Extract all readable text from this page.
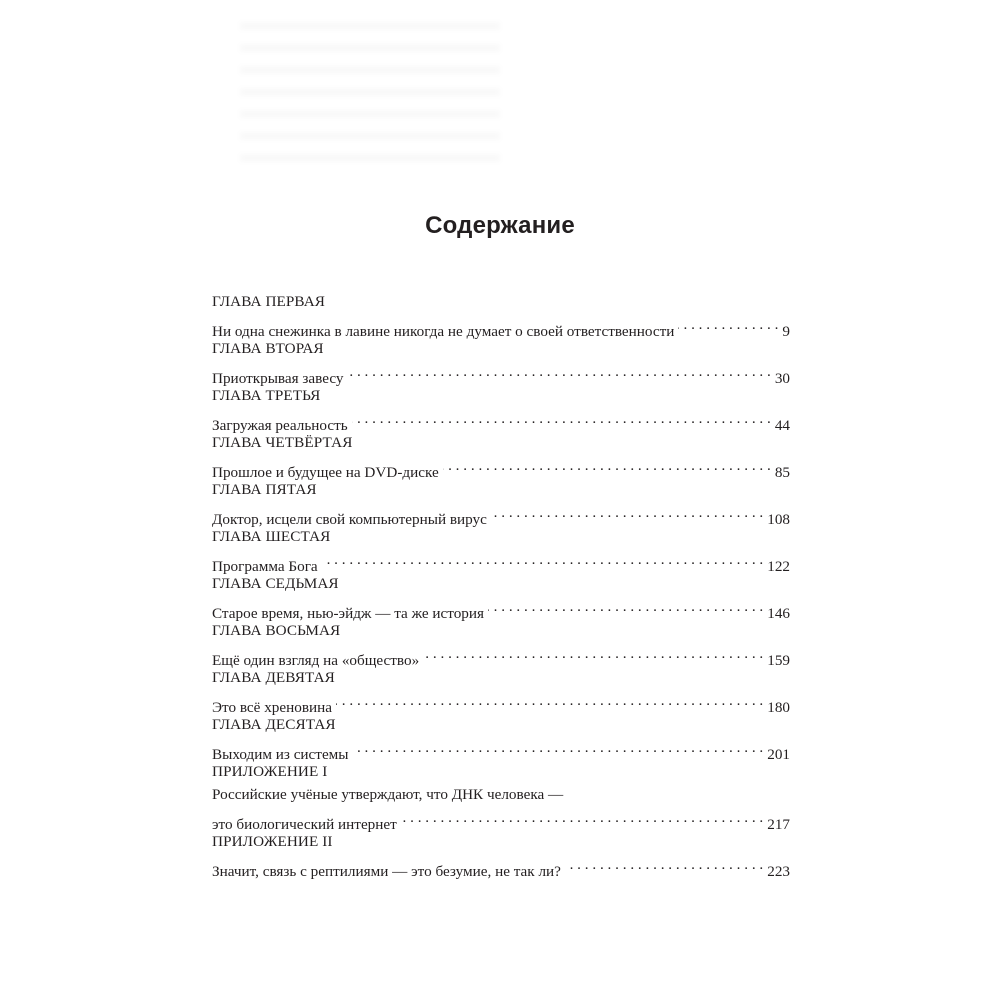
Содержание
ГЛАВА ПЕРВАЯ
Ни одна снежинка в лавине никогда не думает о своей ответственности . . .	9
ГЛАВА ВТОРАЯ
Приоткрывая завесу . . .	30
ГЛАВА ТРЕТЬЯ
Загружая реальность . . .	44
ГЛАВА ЧЕТВЁРТАЯ
Прошлое и будущее на DVD-диске . . .	85
ГЛАВА ПЯТАЯ
Доктор, исцели свой компьютерный вирус . . .	108
ГЛАВА ШЕСТАЯ
Программа Бога . . .	122
ГЛАВА СЕДЬМАЯ
Старое время, нью-эйдж — та же история . . .	146
ГЛАВА ВОСЬМАЯ
Ещё один взгляд на «общество» . . .	159
ГЛАВА ДЕВЯТАЯ
Это всё хреновина . . .	180
ГЛАВА ДЕСЯТАЯ
Выходим из системы . . .	201
ПРИЛОЖЕНИЕ I
Российские учёные утверждают, что ДНК человека —
это биологический интернет . . .	217
ПРИЛОЖЕНИЕ II
Значит, связь с рептилиями — это безумие, не так ли? . . .	223
